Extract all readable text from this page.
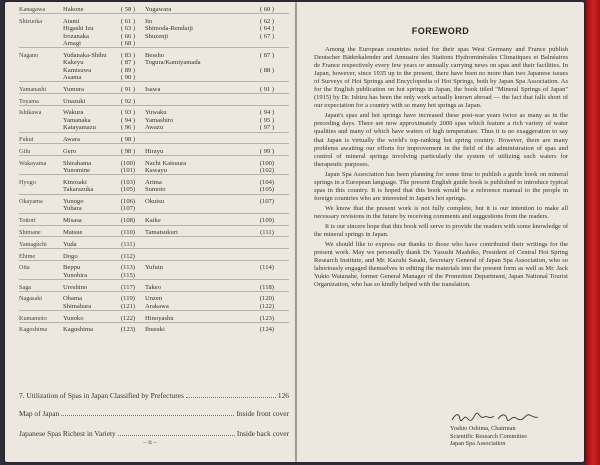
Kanagawa	Hakone	( 58 )	Yugawara	( 60 )
Shizuoka	Atami	( 61 )	Ito	( 62 )
	Higashi Izu	( 63 )	Shimoda-Rendaiji	( 64 )
	Irozanaka	( 66 )	Shuzenji	( 67 )
	Amagi	( 68 )		
Nagano	Yudanaka-Shibu	( 83 )	Bessho	( 87 )
	Kakeyu	( 87 )	Togura/Kamiyamada	
	Kamisuwa	( 89 )		( 88 )
	Asama	( 90 )		
Yamanashi	Yumura	( 91 )	Isawa	( 91 )
Toyama	Unazuki	( 92 )		
Ishikawa	Wakura	( 93 )	Yuwaku	( 94 )
	Yamanaka	( 94 )	Yamashiro	( 95 )
	Katayamazu	( 96 )	Awazu	( 97 )
Fukui	Awara	( 98 )		
Gifu	Gero	( 98 )	Hirayu	( 99 )
Wakayama	Shirahama	(100)	Nachi Katsuura	(100)
	Yunomine	(101)	Kawayu	(102)
Hyogo	Kinosaki	(103)	Arima	(104)
	Takarazuka	(105)	Sumoto	(105)
Okayama	Yunogo	(106)	Okutsu	(107)
	Yubara	(107)		
Tottori	Misasa	(108)	Kaike	(109)
Shimane	Matsue	(110)	Tamatsukuri	(111)
Yamaguchi	Yuda	(111)		
Ehime	Dogo	(112)		
Oita	Beppu	(113)	Yufuin	(114)
	Yunohira	(115)		
Saga	Ureshino	(117)	Takeo	(118)
Nagasaki	Obama	(119)	Unzen	(120)
	Shimabara	(121)	Arakawa	(122)
Kumamoto	Yunoko	(122)	Hinoyashu	(123)
Kagoshima	Kagoshima	(123)	Ibusuki	(124)
7. Utilization of Spas in Japan Classified by Prefectures	126
Map of Japan	Inside front cover
Japanese Spas Richest in Variety	Inside back cover
– ii –
FOREWORD

Among the European countries noted for their spas West Germany and France publish Deutscher Bäderkalender and Annuaire des Stations Hydrominérales Climatiques et Balnéaires de France respectively every few years or annually carrying news on spas and their facilities. In Japan, however, since 1935 up to the present, there have been no more than two Japanese issues of Surveys of Hot Springs and Encyclopedia of Hot Springs, both by Japan Spa Association. As for the English publication on hot springs in Japan, the book titled "Mineral Springs of Japan" (1915) by Dr. Ishizu has been the only work actually known abroad — the fact that falls short of our expectation for a country with so many hot springs as Japan.

Japan's spas and hot springs have increased these post-war years twice as many as in the preceding days. There are now approximately 2000 spas which feature a rich variety of water qualities and many of which have waters of high temperature. Thus it is no exaggeration to say that Japan is virtually the world's top-ranking hot spring country. However, there are many problems awaiting our efforts for improvement in the field of the administration of spas and control of mineral springs involving particularly the system of utilizing such waters for therapeutic purposes.

Japan Spa Association has been planning for some time to publish a guide book on mineral springs in a European language. The present English guide book is published to introduce typical spas in this country. It is hoped that this book would be a reference manual to the people in foreign countries who are interested in Japan's hot springs.

We know that the present work is not fully complete, but it is our intention to make all necessary revisions in the future by receiving comments and suggestions from the readers.

It is our sincere hope that this book will serve to provide the readers with some knowledge of the mineral springs in Japan.

We should like to express our thanks to those who have contributed their writings for the present work. May we personally thank Dr. Yasushi Mashiko, President of Central Hot Spring Research Institute, and Mr. Kazuhi Sasaki, Secretary General of Japan Spa Association, who so laboriously engaged themselves in editing the materials into the present form as well as Mr. Jack Yukio Watanabe, former General Manager of the Promotion Department, Japan National Tourist Organization, who has so kindly helped with the translation.

Yoshio Oshima, Chairman
Scientific Research Committee
Japan Spa Association
